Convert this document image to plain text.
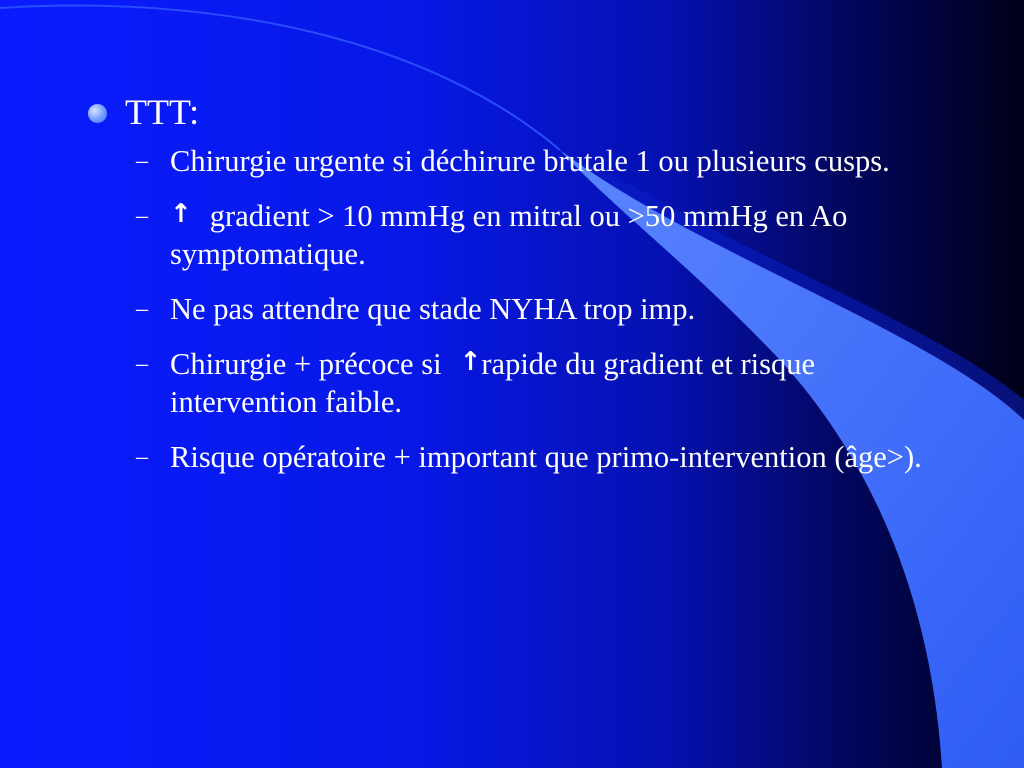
TTT:
– Chirurgie urgente si déchirure brutale 1 ou plusieurs cusps.
– ↑ gradient > 10 mmHg en mitral ou >50 mmHg en Ao symptomatique.
– Ne pas attendre que stade NYHA trop imp.
– Chirurgie + précoce si ↑rapide du gradient et risque intervention faible.
– Risque opératoire + important que primo-intervention (âge>).
